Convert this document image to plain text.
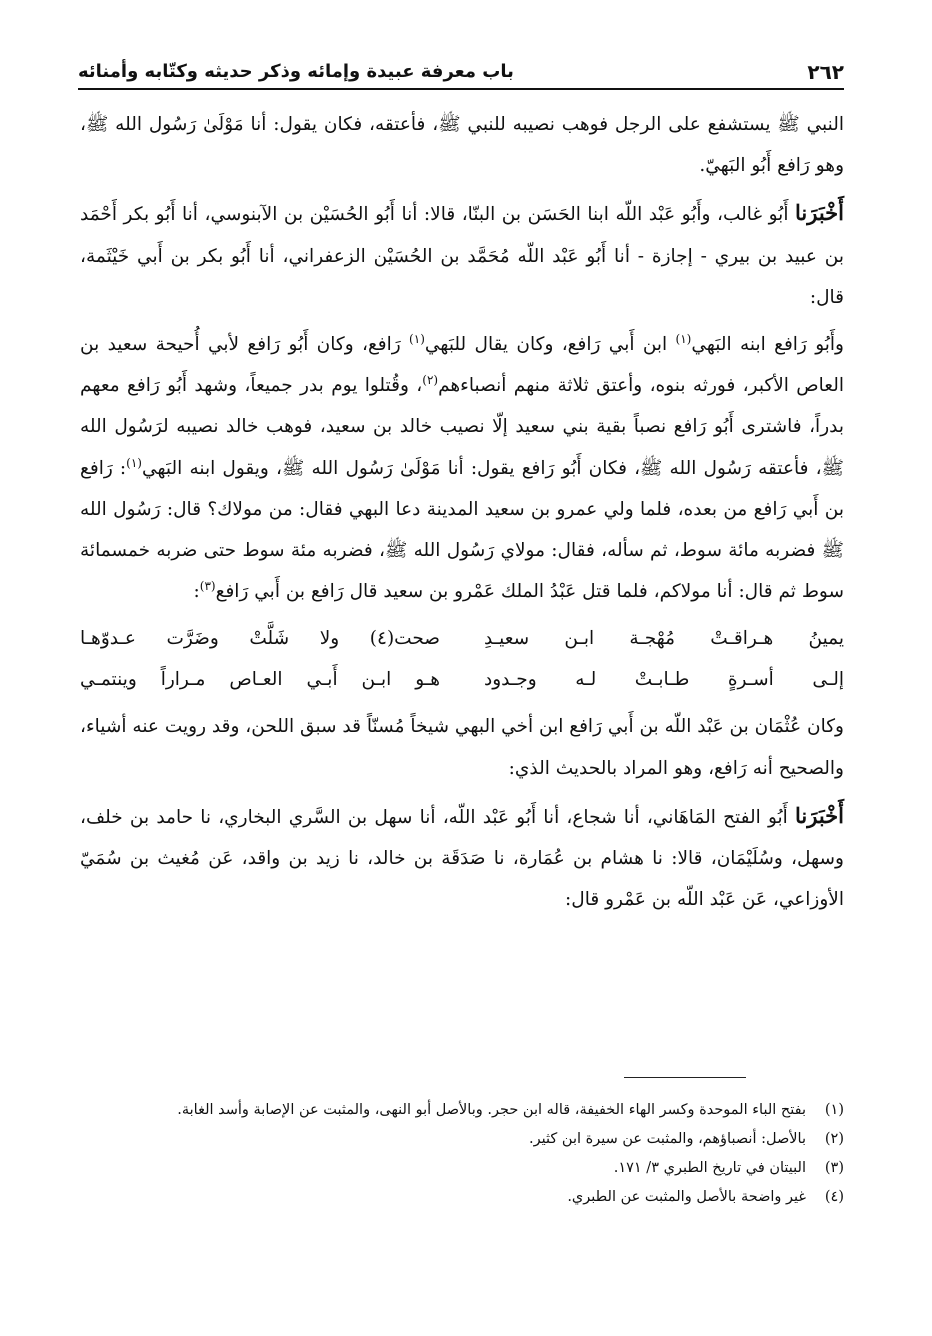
٢٦٢
باب معرفة عبيدة وإمائه وذكر حديثه وكتّابه وأمنائه

النبي ﷺ يستشفع على الرجل فوهب نصيبه للنبي ﷺ، فأعتقه، فكان يقول: أنا مَوْلَىٰ رَسُول الله ﷺ، وهو رَافع أَبُو البَهيّ.

أَخْبَرَنا أَبُو غالب، وأَبُو عَبْد اللّه ابنا الحَسَن بن البنّا، قالا: أنا أَبُو الحُسَيْن بن الآبنوسي، أنا أَبُو بكر أَحْمَد بن عبيد بن بيري - إجازة - أنا أَبُو عَبْد اللّه مُحَمَّد بن الحُسَيْن الزعفراني، أنا أَبُو بكر بن أَبي خَيْثَمة، قال:

وأَبُو رَافع ابنه البَهي$^{(١)}$ ابن أَبي رَافع، وكان يقال للبَهي$^{(١)}$ رَافع، وكان أَبُو رَافع لأبي أُحيحة سعيد بن العاص الأكبر، فورثه بنوه، وأعتق ثلاثة منهم أنصباءهم$^{(٢)}$، وقُتلوا يوم بدر جميعاً، وشهد أَبُو رَافع معهم بدراً، فاشترى أَبُو رَافع نصباً بقية بني سعيد إلّا نصيب خالد بن سعيد، فوهب خالد نصيبه لرَسُول الله ﷺ، فأعتقه رَسُول الله ﷺ، فكان أَبُو رَافع يقول: أنا مَوْلَىٰ رَسُول الله ﷺ، ويقول ابنه البَهي$^{(١)}$: رَافع بن أَبي رَافع من بعده، فلما ولي عمرو بن سعيد المدينة دعا البهي فقال: من مولاك؟ قال: رَسُول الله ﷺ فضربه مائة سوط، ثم سأله، فقال: مولاي رَسُول الله ﷺ، فضربه مئة سوط حتى ضربه خمسمائة سوط ثم قال: أنا مولاكم، فلما قتل عَبْدُ الملك عَمْرو بن سعيد قال رَافع بن أَبي رَافع$^{(٣)}$:

يمينُ هـراقـتْ مُهْجـة ابـن سعيـدِ
صحت(٤) ولا شَلَّتْ وضَرَّت عـدوّهـا
إلـى أسـرةٍ طـابـتْ لـه وجـدود
هـو ابـن أَبـي العـاص مـراراً وينتمـي

وكان عُثْمَان بن عَبْد اللّه بن أَبي رَافع ابن أخي البهي شيخاً مُسنّاً قد سبق اللحن، وقد رويت عنه أشياء، والصحيح أنه رَافع، وهو المراد بالحديث الذي:

أَخْبَرَنا أَبُو الفتح المَاهَاني، أنا شجاع، أنا أَبُو عَبْد اللّه، أنا سهل بن السَّري البخاري، نا حامد بن خلف، وسهل، وسُلَيْمَان، قالا: نا هشام بن عُمَارة، نا صَدَقَة بن خالد، نا زيد بن واقد، عَن مُغيث بن سُمَيّ الأوزاعي، عَن عَبْد اللّه بن عَمْرو قال:

(١)
بفتح الباء الموحدة وكسر الهاء الخفيفة، قاله ابن حجر. وبالأصل أبو النهى، والمثبت عن الإصابة وأسد الغابة.
(٢)
بالأصل: أنصباؤهم، والمثبت عن سيرة ابن كثير.
(٣)
البيتان في تاريخ الطبري ٣/ ١٧١.
(٤)
غير واضحة بالأصل والمثبت عن الطبري.
